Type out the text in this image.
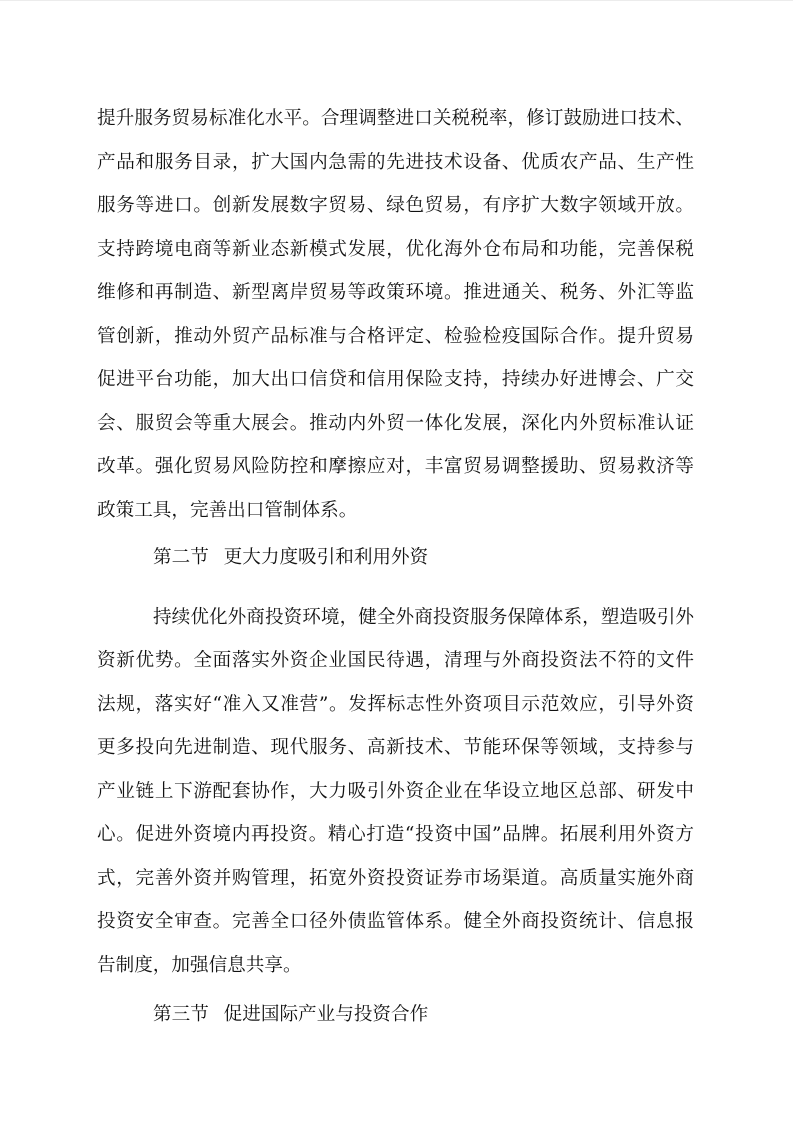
提升服务贸易标准化水平。合理调整进口关税税率，修订鼓励进口技术、
产品和服务目录，扩大国内急需的先进技术设备、优质农产品、生产性
服务等进口。创新发展数字贸易、绿色贸易，有序扩大数字领域开放。
支持跨境电商等新业态新模式发展，优化海外仓布局和功能，完善保税
维修和再制造、新型离岸贸易等政策环境。推进通关、税务、外汇等监
管创新，推动外贸产品标准与合格评定、检验检疫国际合作。提升贸易
促进平台功能，加大出口信贷和信用保险支持，持续办好进博会、广交
会、服贸会等重大展会。推动内外贸一体化发展，深化内外贸标准认证
改革。强化贸易风险防控和摩擦应对，丰富贸易调整援助、贸易救济等
政策工具，完善出口管制体系。
第二节 更大力度吸引和利用外资
持续优化外商投资环境，健全外商投资服务保障体系，塑造吸引外
资新优势。全面落实外资企业国民待遇，清理与外商投资法不符的文件
法规，落实好“准入又准营”。发挥标志性外资项目示范效应，引导外资
更多投向先进制造、现代服务、高新技术、节能环保等领域，支持参与
产业链上下游配套协作，大力吸引外资企业在华设立地区总部、研发中
心。促进外资境内再投资。精心打造“投资中国”品牌。拓展利用外资方
式，完善外资并购管理，拓宽外资投资证券市场渠道。高质量实施外商
投资安全审查。完善全口径外债监管体系。健全外商投资统计、信息报
告制度，加强信息共享。
第三节 促进国际产业与投资合作
